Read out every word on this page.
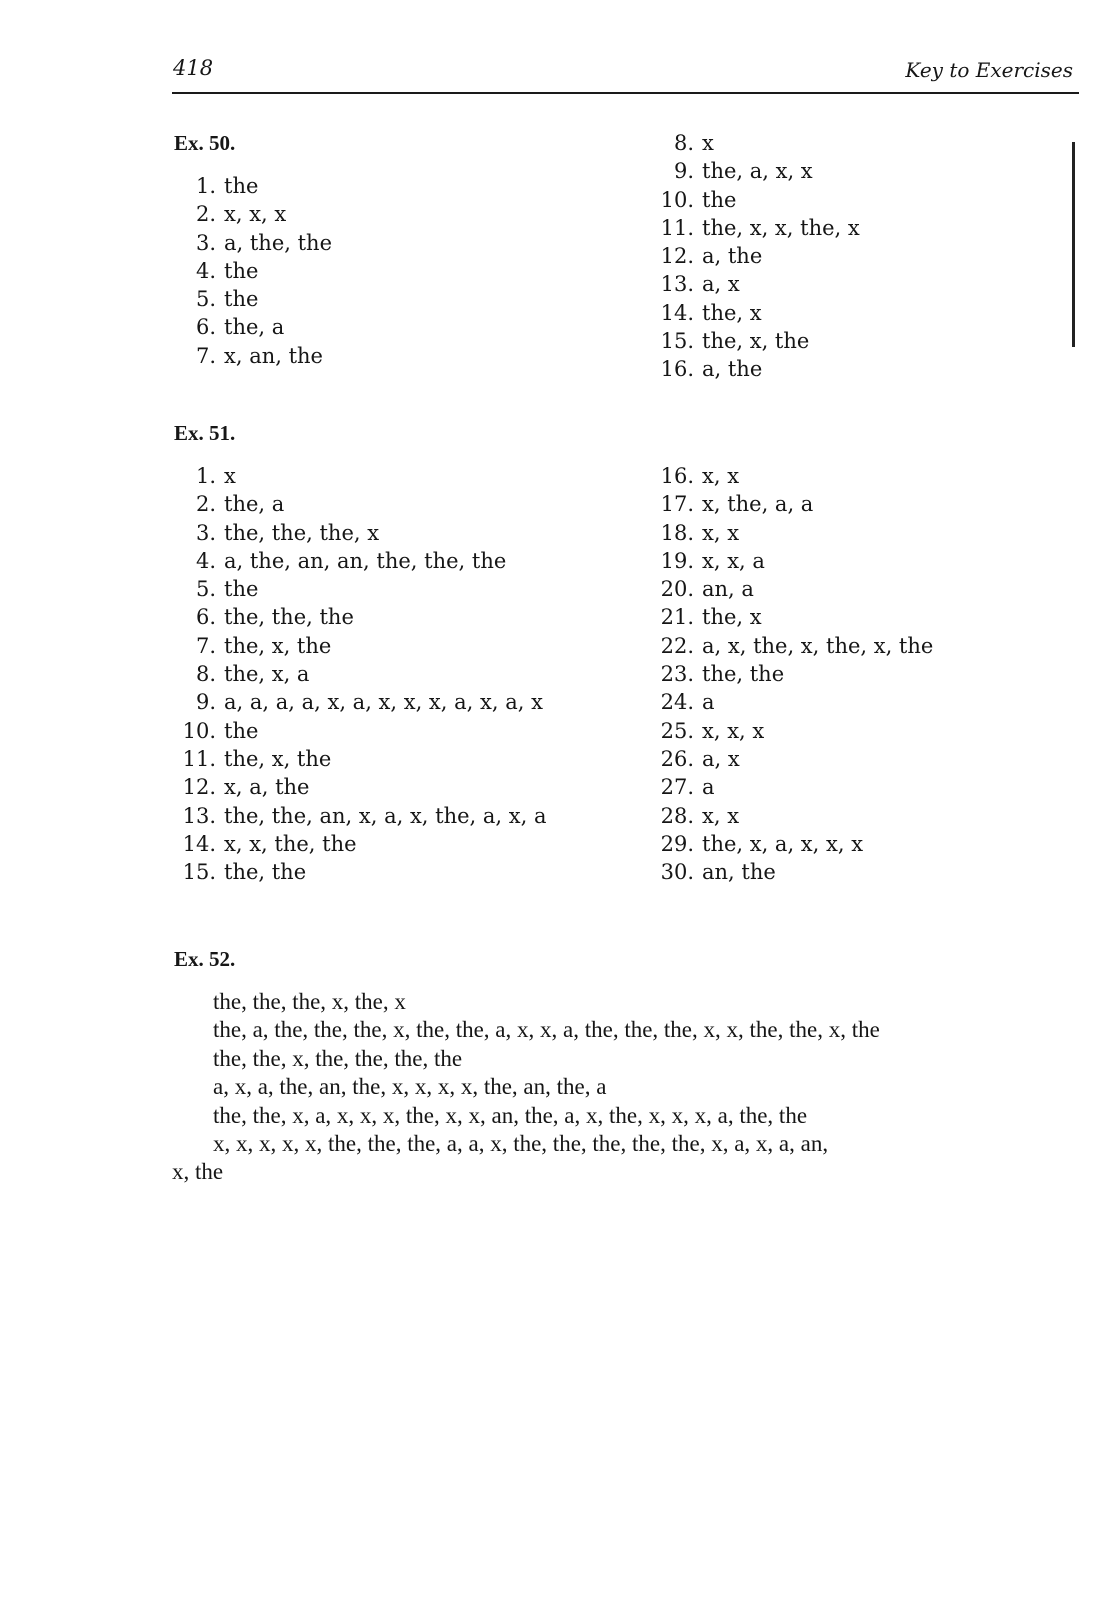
418	Key to Exercises
Ex. 50.
1. the
2. x, x, x
3. a, the, the
4. the
5. the
6. the, a
7. x, an, the
8. x
9. the, a, x, x
10. the
11. the, x, x, the, x
12. a, the
13. a, x
14. the, x
15. the, x, the
16. a, the
Ex. 51.
1. x
2. the, a
3. the, the, the, x
4. a, the, an, an, the, the, the
5. the
6. the, the, the
7. the, x, the
8. the, x, a
9. a, a, a, a, x, a, x, x, x, a, x, a, x
10. the
11. the, x, the
12. x, a, the
13. the, the, an, x, a, x, the, a, x, a
14. x, x, the, the
15. the, the
16. x, x
17. x, the, a, a
18. x, x
19. x, x, a
20. an, a
21. the, x
22. a, x, the, x, the, x, the
23. the, the
24. a
25. x, x, x
26. a, x
27. a
28. x, x
29. the, x, a, x, x, x
30. an, the
Ex. 52.
the, the, the, x, the, x
the, a, the, the, the, x, the, the, a, x, x, a, the, the, the, x, x, the, the, x, the
the, the, x, the, the, the, the
a, x, a, the, an, the, x, x, x, x, the, an, the, a
the, the, x, a, x, x, x, the, x, x, an, the, a, x, the, x, x, x, a, the, the
x, x, x, x, x, the, the, the, a, a, x, the, the, the, the, the, x, a, x, a, an,
x, the
